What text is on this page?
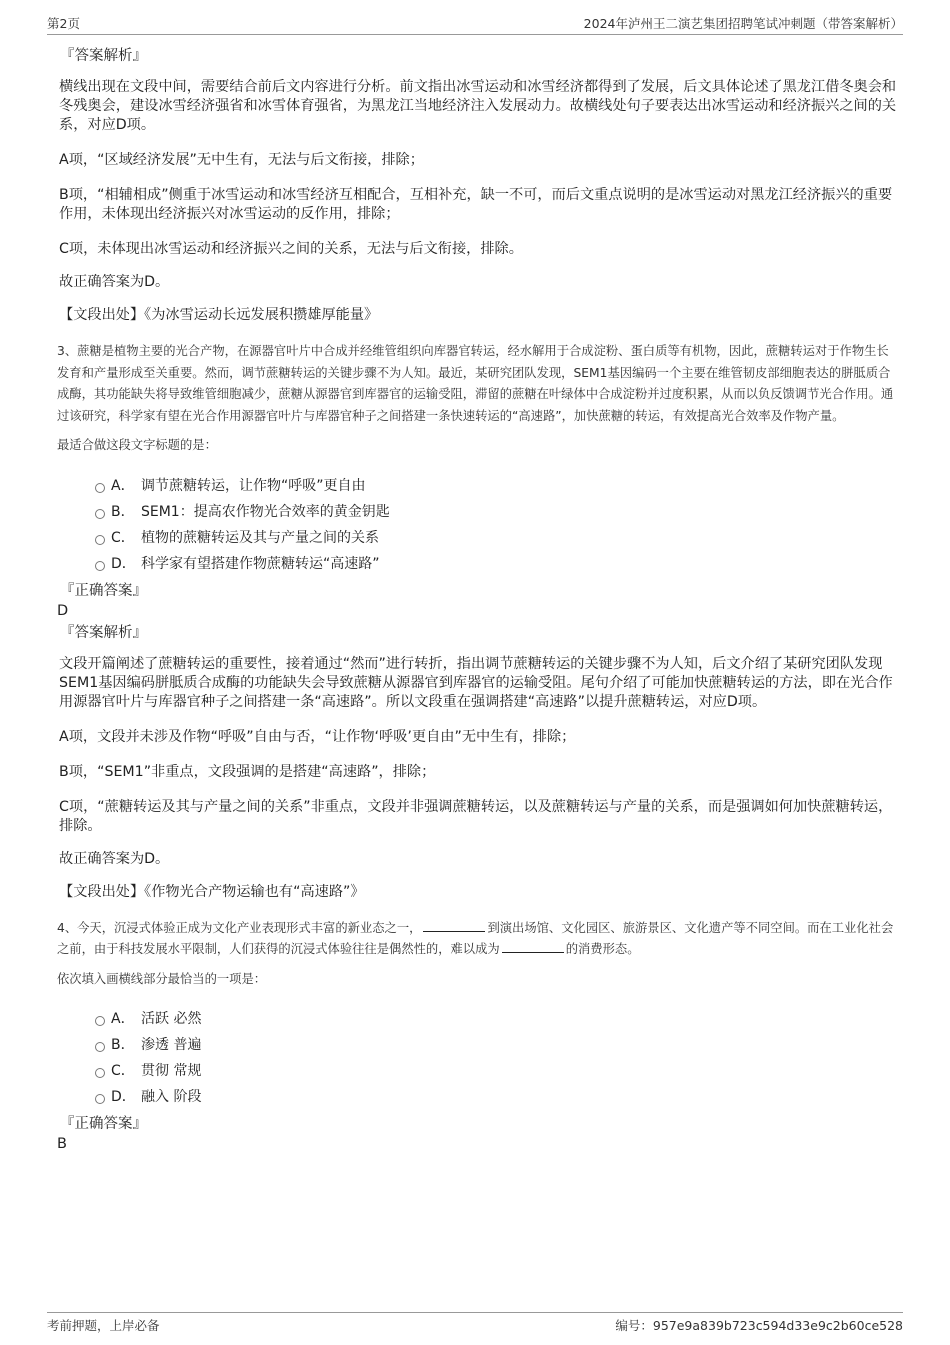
第2页	2024年泸州王二演艺集团招聘笔试冲刺题（带答案解析）
『答案解析』

横线出现在文段中间，需要结合前后文内容进行分析。前文指出冰雪运动和冰雪经济都得到了发展，后文具体论述了黑龙江借冬奥会和冬残奥会，建设冰雪经济强省和冰雪体育强省，为黑龙江当地经济注入发展动力。故横线处句子要表达出冰雪运动和经济振兴之间的关系，对应D项。

A项，“区域经济发展”无中生有，无法与后文衔接，排除；

B项，“相辅相成”侧重于冰雪运动和冰雪经济互相配合，互相补充，缺一不可，而后文重点说明的是冰雪运动对黑龙江经济振兴的重要作用，未体现出经济振兴对冰雪运动的反作用，排除；

C项，未体现出冰雪运动和经济振兴之间的关系，无法与后文衔接，排除。

故正确答案为D。

【文段出处】《为冰雪运动长远发展积攒雄厚能量》

3、蔗糖是植物主要的光合产物，在源器官叶片中合成并经维管组织向库器官转运，经水解用于合成淀粉、蛋白质等有机物，因此，蔗糖转运对于作物生长发育和产量形成至关重要。然而，调节蔗糖转运的关键步骤不为人知。最近，某研究团队发现，SEM1基因编码一个主要在维管韧皮部细胞表达的胼胝质合成酶，其功能缺失将导致维管细胞减少，蔗糖从源器官到库器官的运输受阻，滞留的蔗糖在叶绿体中合成淀粉并过度积累，从而以负反馈调节光合作用。通过该研究，科学家有望在光合作用源器官叶片与库器官种子之间搭建一条快速转运的“高速路”，加快蔗糖的转运，有效提高光合效率及作物产量。

最适合做这段文字标题的是：

A． 调节蔗糖转运，让作物“呼吸”更自由
B． SEM1：提高农作物光合效率的黄金钥匙
C． 植物的蔗糖转运及其与产量之间的关系
D． 科学家有望搭建作物蔗糖转运“高速路”
『正确答案』
D
『答案解析』

文段开篇阐述了蔗糖转运的重要性，接着通过“然而”进行转折，指出调节蔗糖转运的关键步骤不为人知，后文介绍了某研究团队发现SEM1基因编码胼胝质合成酶的功能缺失会导致蔗糖从源器官到库器官的运输受阻。尾句介绍了可能加快蔗糖转运的方法，即在光合作用源器官叶片与库器官种子之间搭建一条“高速路”。所以文段重在强调搭建“高速路”以提升蔗糖转运，对应D项。

A项，文段并未涉及作物“呼吸”自由与否，“让作物‘呼吸’更自由”无中生有，排除；

B项，“SEM1”非重点，文段强调的是搭建“高速路”，排除；

C项，“蔗糖转运及其与产量之间的关系”非重点，文段并非强调蔗糖转运，以及蔗糖转运与产量的关系，而是强调如何加快蔗糖转运，排除。

故正确答案为D。

【文段出处】《作物光合产物运输也有“高速路”》

4、今天，沉浸式体验正成为文化产业表现形式丰富的新业态之一，	到演出场馆、文化园区、旅游景区、文化遗产等不同空间。而在工业化社会之前，由于科技发展水平限制，人们获得的沉浸式体验往往是偶然性的，难以成为	的消费形态。

依次填入画横线部分最恰当的一项是：

A． 活跃 必然
B． 渗透 普遍
C． 贯彻 常规
D． 融入 阶段
『正确答案』
B
考前押题，上岸必备	编号：957e9a839b723c594d33e9c2b60ce528
